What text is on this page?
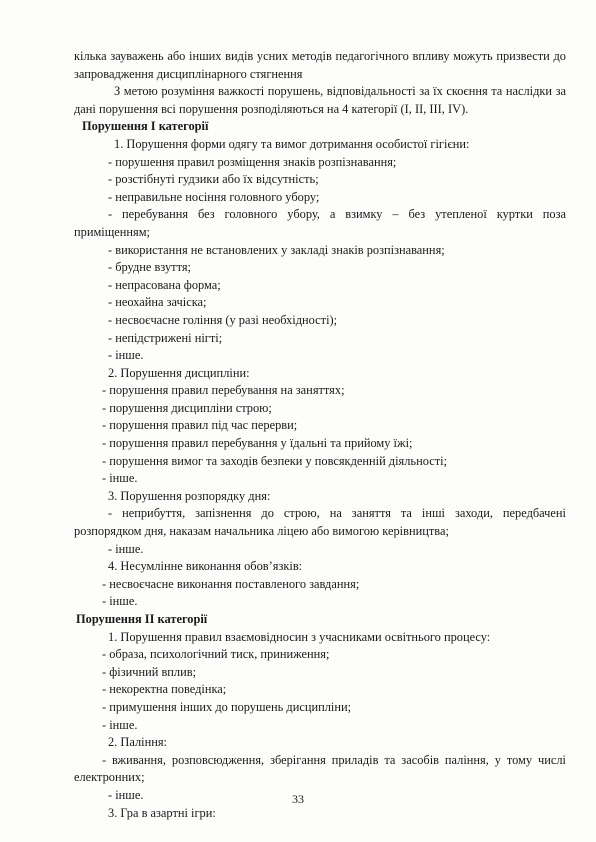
кілька зауважень або інших видів усних методів педагогічного впливу можуть призвести до запровадження дисциплінарного стягнення

З метою розуміння важкості порушень, відповідальності за їх скоєння та наслідки за дані порушення всі порушення розподіляються на 4 категорії (I, II, III, IV).

Порушення I категорії

1. Порушення форми одягу та вимог дотримання особистої гігієни:

- порушення правил розміщення знаків розпізнавання;

- розстібнуті гудзики або їх відсутність;

- неправильне носіння головного убору;

- перебування без головного убору, а взимку – без утепленої куртки поза приміщенням;

- використання не встановлених у закладі знаків розпізнавання;

- брудне взуття;

- непрасована форма;

- неохайна зачіска;

- несвоєчасне гоління (у разі необхідності);

- непідстрижені нігті;

- інше.

2. Порушення дисципліни:

- порушення правил перебування на заняттях;

- порушення дисципліни строю;

- порушення правил під час перерви;

- порушення правил перебування у їдальні та прийому їжі;

- порушення вимог та заходів безпеки у повсякденній діяльності;

- інше.

3. Порушення розпорядку дня:

- неприбуття, запізнення до строю, на заняття та інші заходи, передбачені розпорядком дня, наказам начальника ліцею або вимогою керівництва;

- інше.

4. Несумлінне виконання обов’язків:

- несвоєчасне виконання поставленого завдання;

- інше.

Порушення II категорії

1. Порушення правил взаємовідносин з учасниками освітнього процесу:

- образа, психологічний тиск, приниження;

- фізичний вплив;

- некоректна поведінка;

- примушення інших до порушень дисципліни;

- інше.

2. Паління:

- вживання, розповсюдження, зберігання приладів та засобів паління, у тому числі електронних;

- інше.

3. Гра в азартні ігри:

33
